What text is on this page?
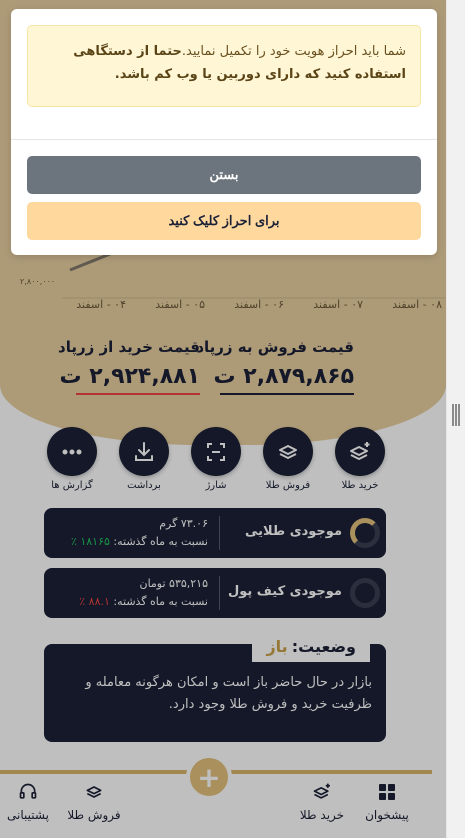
۲,۸۰۰,۰۰۰
۰۸ - اسفند
۰۷ - اسفند
۰۶ - اسفند
۰۵ - اسفند
۰۴ - اسفند
قیمت فروش به زرپاد
۲,۸۷۹,۸۶۵ ت
قیمت خرید از زرپاد
۲,۹۲۴,۸۸۱ ت
خرید طلا
فروش طلا
شارژ
برداشت
گزارش ها
موجودی طلایی
۷۳.۰۶ گرم
نسبت به ماه گذشته: ۱۸۱۶۵ ٪
موجودی کیف پول
۵۳۵,۲۱۵ تومان
نسبت به ماه گذشته: ۸۸.۱ ٪
وضعیت:
باز
بازار در حال حاضر باز است و امکان هرگونه معامله و ظرفیت خرید و فروش طلا وجود دارد.
+
پیشخوان
خرید طلا
فروش طلا
پشتیبانی
شما باید احراز هویت خود را تکمیل نمایید.حتما از دستگاهی استفاده کنید که دارای دوربین یا وب کم باشد.
بستن
برای احراز کلیک کنید
